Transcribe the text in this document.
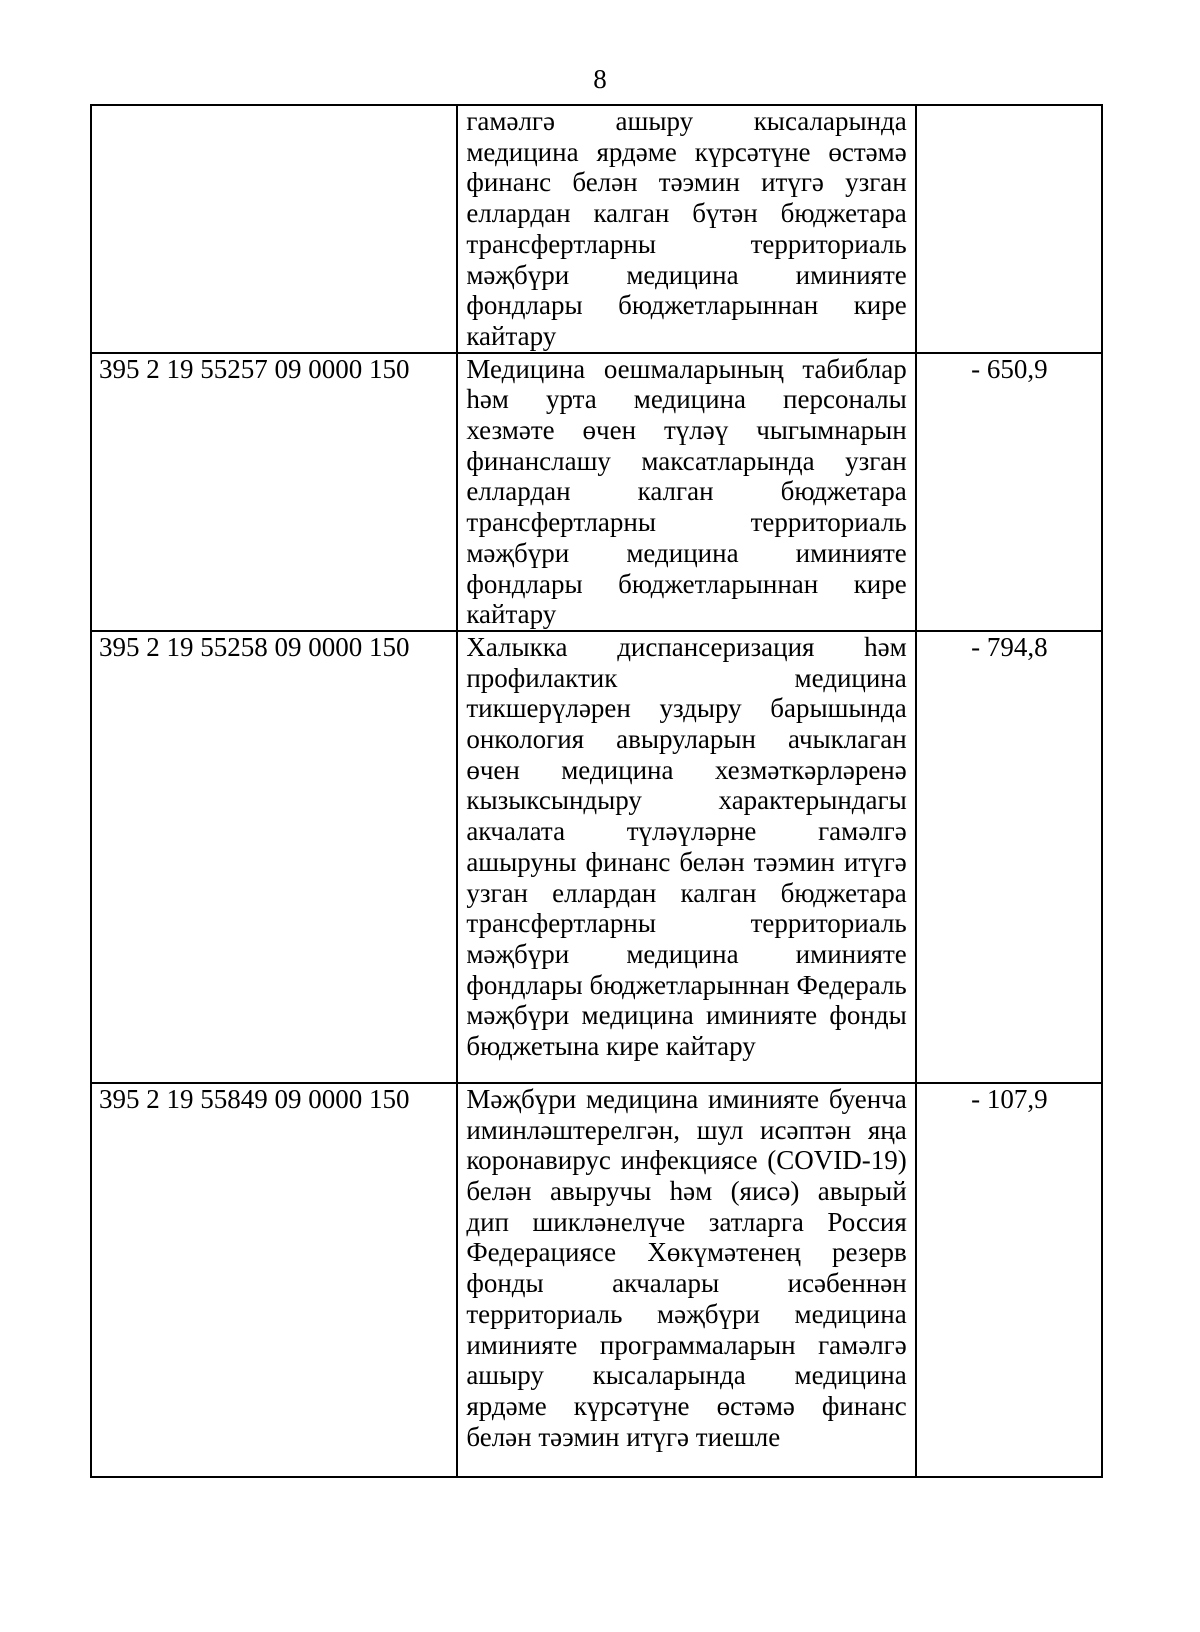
8
	гамәлгә ашыру кысаларында медицина ярдәме күрсәтүне өстәмә финанс белән тәэмин итүгә узган еллардан калган бүтән бюджетара трансфертларны территориаль мәҗбүри медицина иминияте фондлары бюджетларыннан кире кайтару	
395 2 19 55257 09 0000 150	Медицина оешмаларының табиблар һәм урта медицина персоналы хезмәте өчен түләү чыгымнарын финанслашу максатларында узган еллардан калган бюджетара трансфертларны территориаль мәҗбүри медицина иминияте фондлары бюджетларыннан кире кайтару	- 650,9
395 2 19 55258 09 0000 150	Халыкка диспансеризация һәм профилактик медицина тикшерүләрен уздыру барышында онкология авыруларын ачыклаган өчен медицина хезмәткәрләренә кызыксындыру характерындагы акчалата түләүләрне гамәлгә ашыруны финанс белән тәэмин итүгә узган еллардан калган бюджетара трансфертларны территориаль мәҗбүри медицина иминияте фондлары бюджетларыннан Федераль мәҗбүри медицина иминияте фонды бюджетына кире кайтару	- 794,8
395 2 19 55849 09 0000 150	Мәҗбүри медицина иминияте буенча иминләштерелгән, шул исәптән яңа коронавирус инфекциясе (COVID-19) белән авыручы һәм (яисә) авырый дип шикләнелүче затларга Россия Федерациясе Хөкүмәтенең резерв фонды акчалары исәбеннән территориаль мәҗбүри медицина иминияте программаларын гамәлгә ашыру кысаларында медицина ярдәме күрсәтүне өстәмә финанс белән тәэмин итүгә тиешле	- 107,9
